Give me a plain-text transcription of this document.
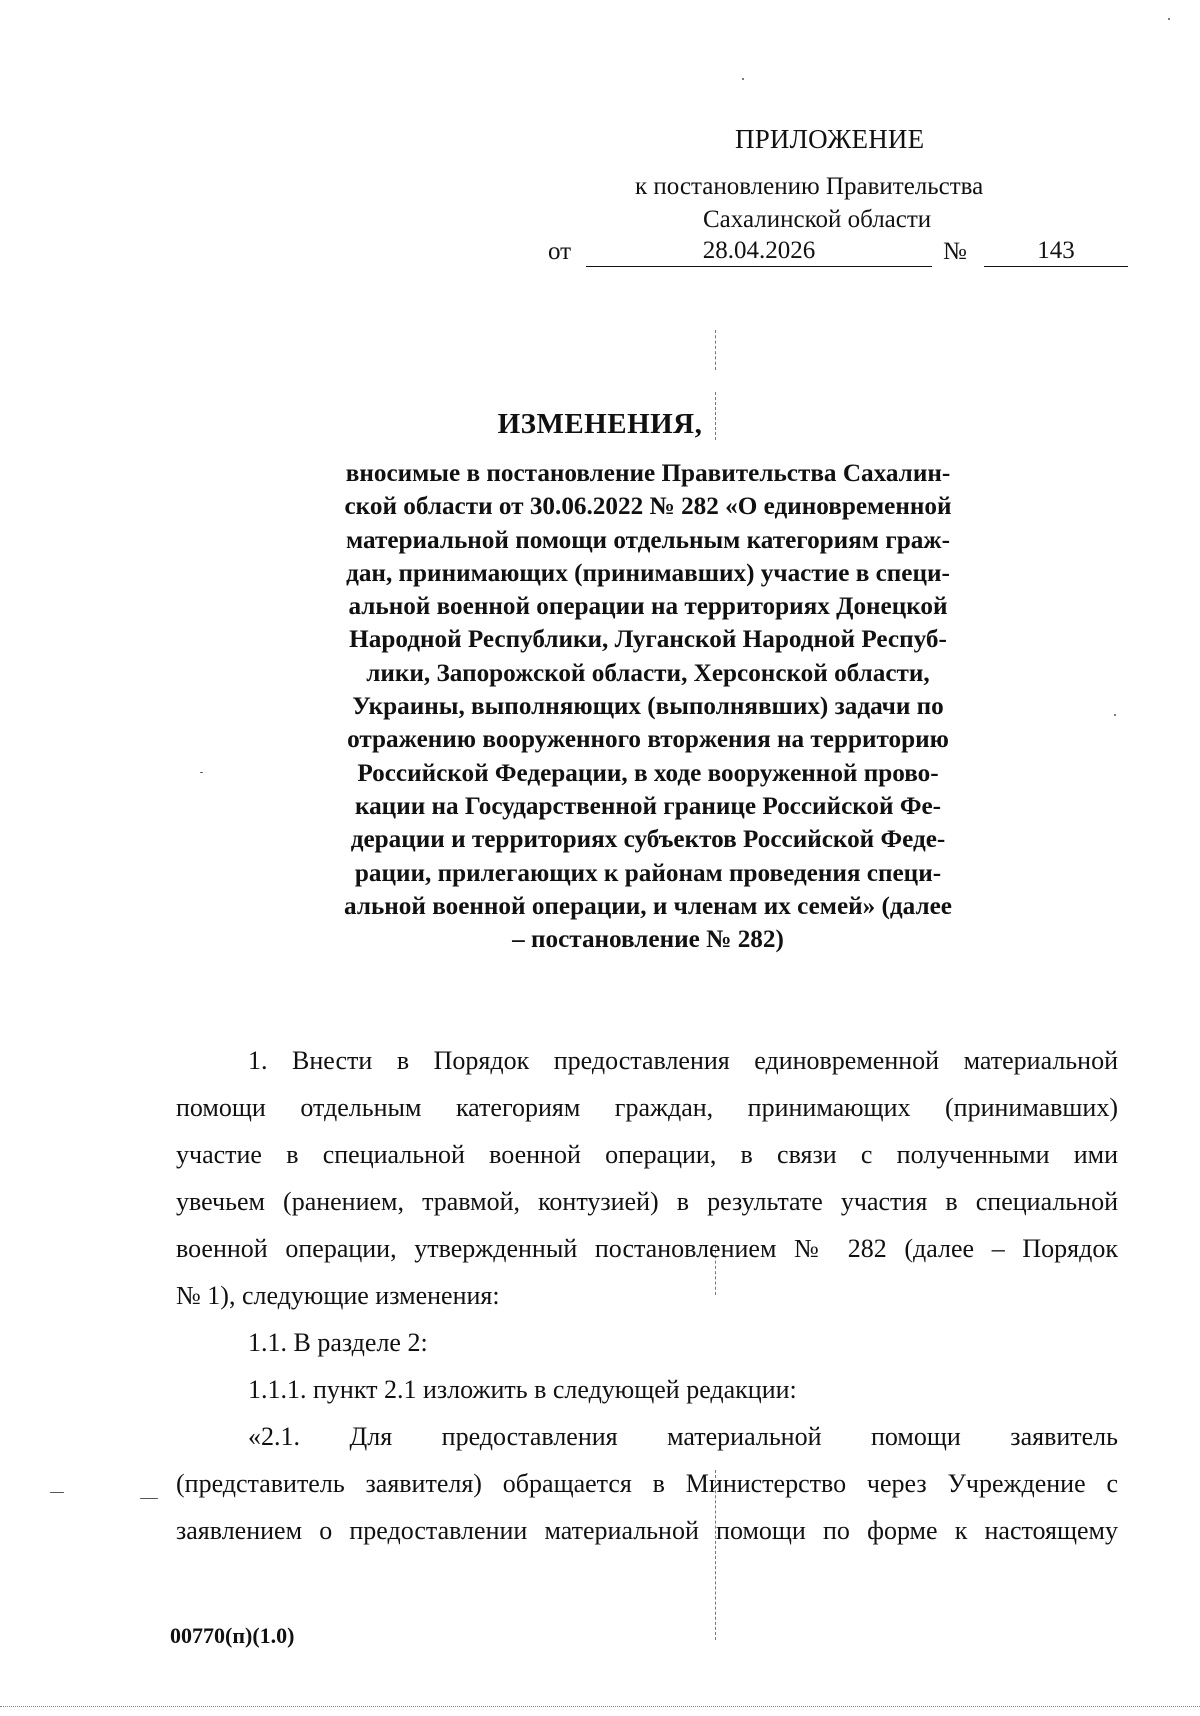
ПРИЛОЖЕНИЕ
к постановлению Правительства
Сахалинской области
от	28.04.2026	№	143
ИЗМЕНЕНИЯ,
вносимые в постановление Правительства Сахалин-
ской области от 30.06.2022 № 282 «О единовременной
материальной помощи отдельным категориям граж-
дан, принимающих (принимавших) участие в специ-
альной военной операции на территориях Донецкой
Народной Республики, Луганской Народной Респуб-
лики, Запорожской области, Херсонской области,
Украины, выполняющих (выполнявших) задачи по
отражению вооруженного вторжения на территорию
Российской Федерации, в ходе вооруженной прово-
кации на Государственной границе Российской Фе-
дерации и территориях субъектов Российской Феде-
рации, прилегающих к районам проведения специ-
альной военной операции, и членам их семей» (далее
– постановление № 282)
1. Внести в Порядок предоставления единовременной материальной
помощи отдельным категориям граждан, принимающих (принимавших)
участие в специальной военной операции, в связи с полученными ими
увечьем (ранением, травмой, контузией) в результате участия в специальной
военной операции, утвержденный постановлением № 282 (далее – Порядок
№ 1), следующие изменения:
1.1. В разделе 2:
1.1.1. пункт 2.1 изложить в следующей редакции:
«2.1. Для предоставления материальной помощи заявитель
(представитель заявителя) обращается в Министерство через Учреждение с
заявлением о предоставлении материальной помощи по форме к настоящему
00770(п)(1.0)
